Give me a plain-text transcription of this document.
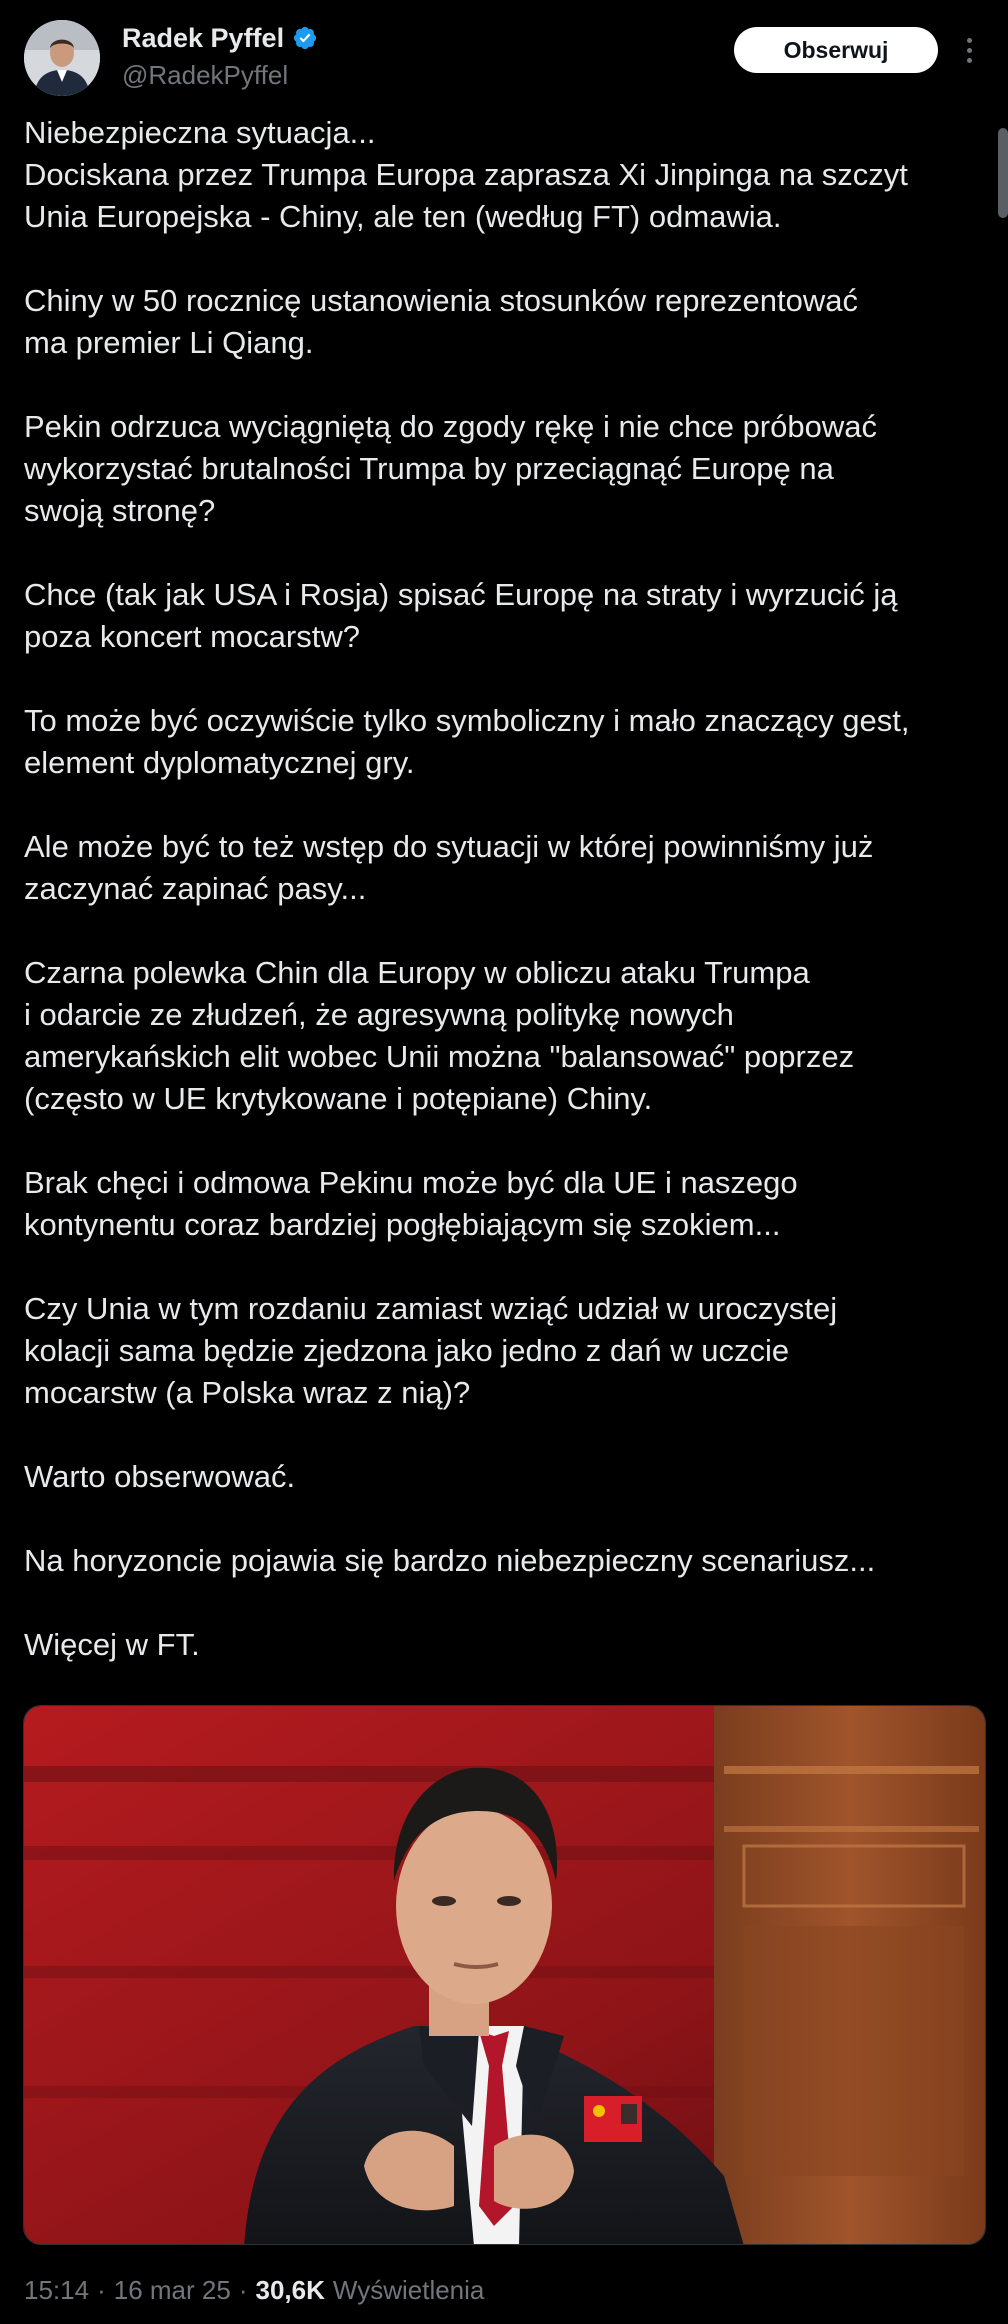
Radek Pyffel
@RadekPyffel
Obserwuj
Niebezpieczna sytuacja...
Dociskana przez Trumpa Europa zaprasza Xi Jinpinga na szczyt
Unia Europejska - Chiny, ale ten (według FT) odmawia.
Chiny w 50 rocznicę ustanowienia stosunków reprezentować
ma premier Li Qiang.
Pekin odrzuca wyciągniętą do zgody rękę i nie chce próbować
wykorzystać brutalności Trumpa by przeciągnąć Europę na
swoją stronę?
Chce (tak jak USA i Rosja) spisać Europę na straty i wyrzucić ją
poza koncert mocarstw?
To może być oczywiście tylko symboliczny i mało znaczący gest,
element dyplomatycznej gry.
Ale może być to też wstęp do sytuacji w której powinniśmy już
zaczynać zapinać pasy...
Czarna polewka Chin dla Europy w obliczu ataku Trumpa
i odarcie ze złudzeń, że agresywną politykę nowych
amerykańskich elit wobec Unii można "balansować" poprzez
(często w UE krytykowane i potępiane) Chiny.
Brak chęci i odmowa Pekinu może być dla UE i naszego
kontynentu coraz bardziej pogłębiającym się szokiem...
Czy Unia w tym rozdaniu zamiast wziąć udział w uroczystej
kolacji sama będzie zjedzona jako jedno z dań w uczcie
mocarstw (a Polska wraz z nią)?
Warto obserwować.
Na horyzoncie pojawia się bardzo niebezpieczny scenariusz...
Więcej w FT.
15:14 · 16 mar 25 · 30,6K Wyświetlenia
